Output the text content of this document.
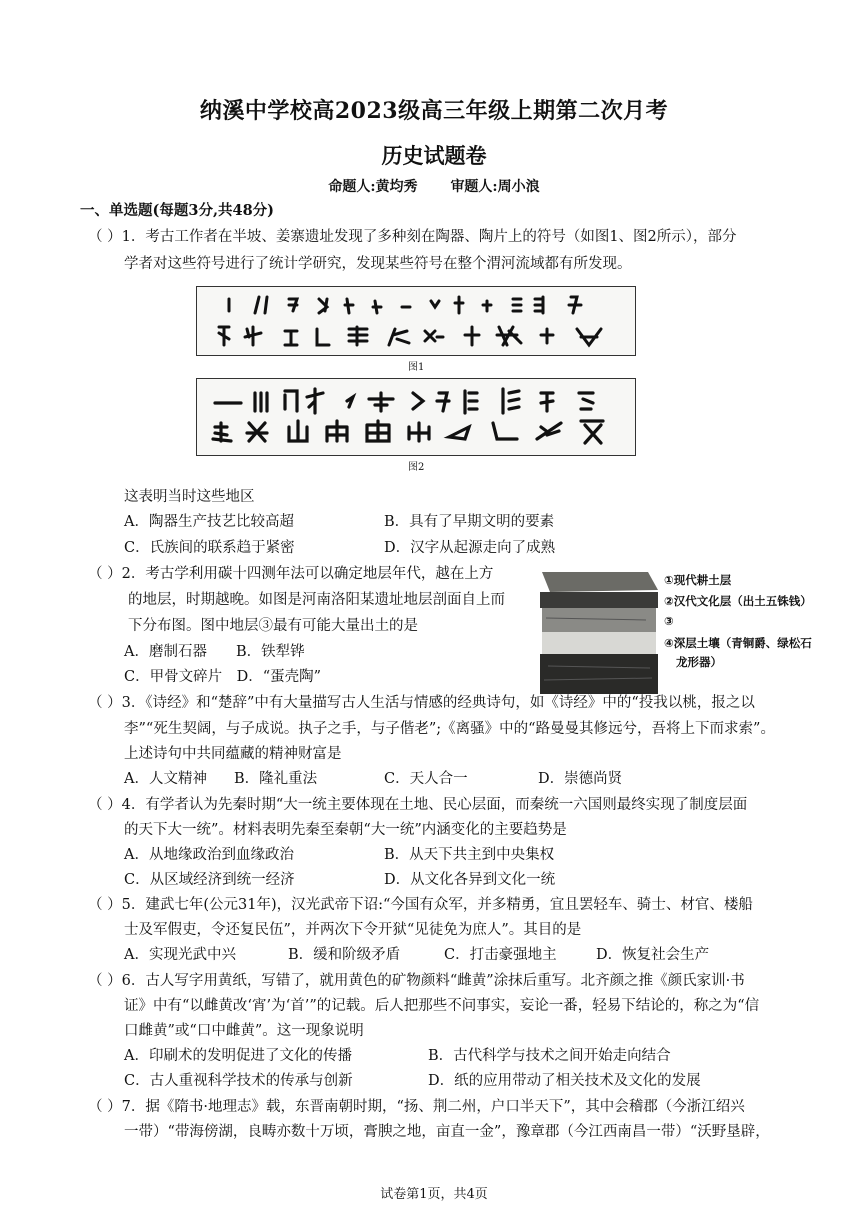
纳溪中学校高2023级高三年级上期第二次月考
历史试题卷
命题人:黄均秀 审题人:周小浪
一、单选题(每题3分,共48分)
（ ）1．考古工作者在半坡、姜寨遗址发现了多种刻在陶器、陶片上的符号（如图1、图2所示），部分
学者对这些符号进行了统计学研究，发现某些符号在整个渭河流域都有所发现。
图1
图2
这表明当时这些地区
A．陶器生产技艺比较高超	B．具有了早期文明的要素
C．氏族间的联系趋于紧密	D．汉字从起源走向了成熟
（ ）2．考古学利用碳十四测年法可以确定地层年代，越在上方
的地层，时期越晚。如图是河南洛阳某遗址地层剖面自上而
下分布图。图中地层③最有可能大量出土的是
A．磨制石器　　B．铁犁铧
C．甲骨文碎片　D．“蛋壳陶”
①现代耕土层
②汉代文化层（出土五铢钱）
③
④深层土壤（青铜爵、绿松石
龙形器）
（ ）3．《诗经》和“楚辞”中有大量描写古人生活与情感的经典诗句，如《诗经》中的“投我以桃，报之以
李”“死生契阔，与子成说。执子之手，与子偕老”;《离骚》中的“路曼曼其修远兮，吾将上下而求索”。
上述诗句中共同蕴藏的精神财富是
A．人文精神 B．隆礼重法	C．天人合一	D．崇德尚贤
（ ）4．有学者认为先秦时期“大一统主要体现在土地、民心层面，而秦统一六国则最终实现了制度层面
的天下大一统”。材料表明先秦至秦朝“大一统”内涵变化的主要趋势是
A．从地缘政治到血缘政治	B．从天下共主到中央集权
C．从区域经济到统一经济	D．从文化各异到文化一统
（ ）5．建武七年(公元31年)，汉光武帝下诏:“今国有众军，并多精勇，宜且罢轻车、骑士、材官、楼船
士及军假吏，令还复民伍”，并两次下令开狱“见徒免为庶人”。其目的是
A．实现光武中兴	B．缓和阶级矛盾	C．打击豪强地主	D．恢复社会生产
（ ）6．古人写字用黄纸，写错了，就用黄色的矿物颜料“雌黄”涂抹后重写。北齐颜之推《颜氏家训·书
证》中有“以雌黄改‘宵’为‘首’”的记载。后人把那些不问事实，妄论一番，轻易下结论的，称之为“信
口雌黄”或“口中雌黄”。这一现象说明
A．印刷术的发明促进了文化的传播	B．古代科学与技术之间开始走向结合
C．古人重视科学技术的传承与创新	D．纸的应用带动了相关技术及文化的发展
（ ）7．据《隋书·地理志》载，东晋南朝时期，“扬、荆二州，户口半天下”，其中会稽郡（今浙江绍兴
一带）“带海傍湖，良畴亦数十万顷，膏腴之地，亩直一金”，豫章郡（今江西南昌一带）“沃野垦辟，
试卷第1页，共4页
